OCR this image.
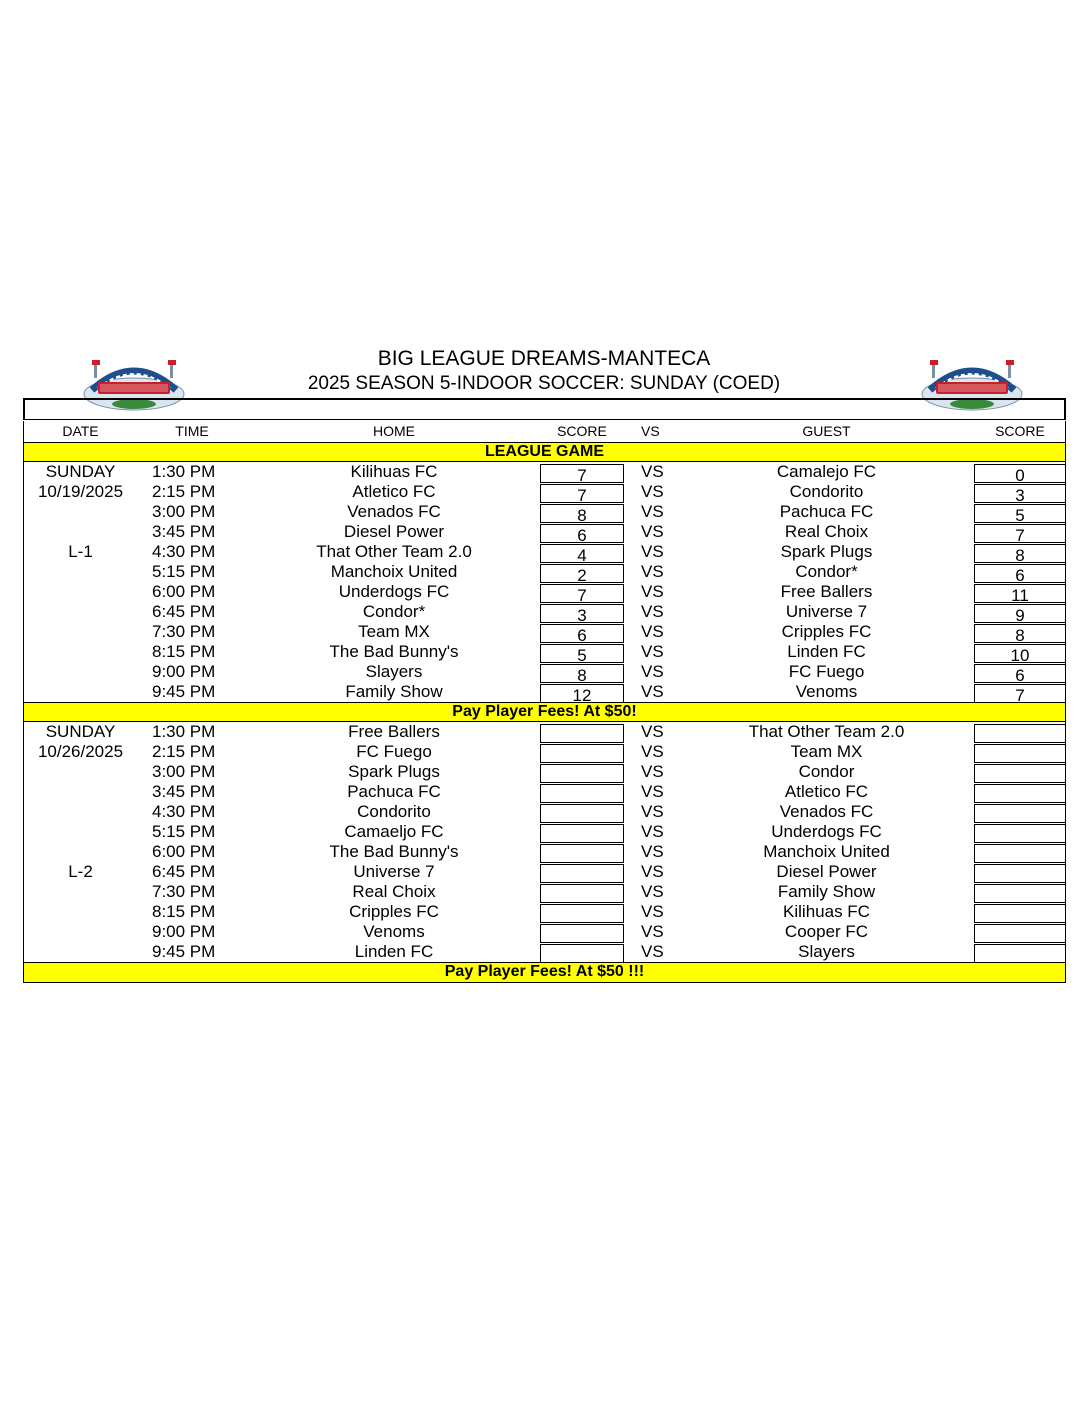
BIG LEAGUE DREAMS-MANTECA
2025 SEASON 5-INDOOR SOCCER: SUNDAY (COED)
DATE	TIME	HOME	SCORE	VS	GUEST	SCORE
LEAGUE GAME
SUNDAY	1:30 PM	Kilihuas FC	7	VS	Camalejo FC	0
10/19/2025	2:15 PM	Atletico FC	7	VS	Condorito	3
3:00 PM	Venados FC	8	VS	Pachuca FC	5
3:45 PM	Diesel Power	6	VS	Real Choix	7
L-1	4:30 PM	That Other Team 2.0	4	VS	Spark Plugs	8
5:15 PM	Manchoix United	2	VS	Condor*	6
6:00 PM	Underdogs FC	7	VS	Free Ballers	11
6:45 PM	Condor*	3	VS	Universe 7	9
7:30 PM	Team MX	6	VS	Cripples FC	8
8:15 PM	The Bad Bunny's	5	VS	Linden FC	10
9:00 PM	Slayers	8	VS	FC Fuego	6
9:45 PM	Family Show	12	VS	Venoms	7
Pay Player Fees! At $50!
SUNDAY	1:30 PM	Free Ballers	VS	That Other Team 2.0
10/26/2025	2:15 PM	FC Fuego	VS	Team MX
3:00 PM	Spark Plugs	VS	Condor
3:45 PM	Pachuca FC	VS	Atletico FC
4:30 PM	Condorito	VS	Venados FC
5:15 PM	Camaeljo FC	VS	Underdogs FC
6:00 PM	The Bad Bunny's	VS	Manchoix United
L-2	6:45 PM	Universe 7	VS	Diesel Power
7:30 PM	Real Choix	VS	Family Show
8:15 PM	Cripples FC	VS	Kilihuas FC
9:00 PM	Venoms	VS	Cooper FC
9:45 PM	Linden FC	VS	Slayers
Pay Player Fees! At $50 !!!
